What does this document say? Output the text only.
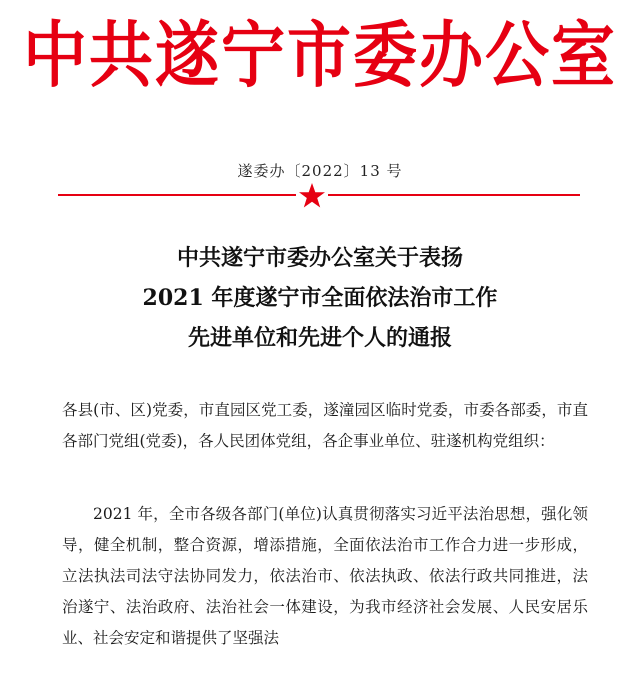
中共遂宁市委办公室
遂委办〔2022〕13 号
中共遂宁市委办公室关于表扬
2021 年度遂宁市全面依法治市工作
先进单位和先进个人的通报

各县(市、区)党委，市直园区党工委，遂潼园区临时党委，市委各部委，市直各部门党组(党委)，各人民团体党组，各企事业单位、驻遂机构党组织：

2021 年，全市各级各部门(单位)认真贯彻落实习近平法治思想，强化领导，健全机制，整合资源，增添措施，全面依法治市工作合力进一步形成，立法执法司法守法协同发力，依法治市、依法执政、依法行政共同推进，法治遂宁、法治政府、法治社会一体建设，为我市经济社会发展、人民安居乐业、社会安定和谐提供了坚强法
